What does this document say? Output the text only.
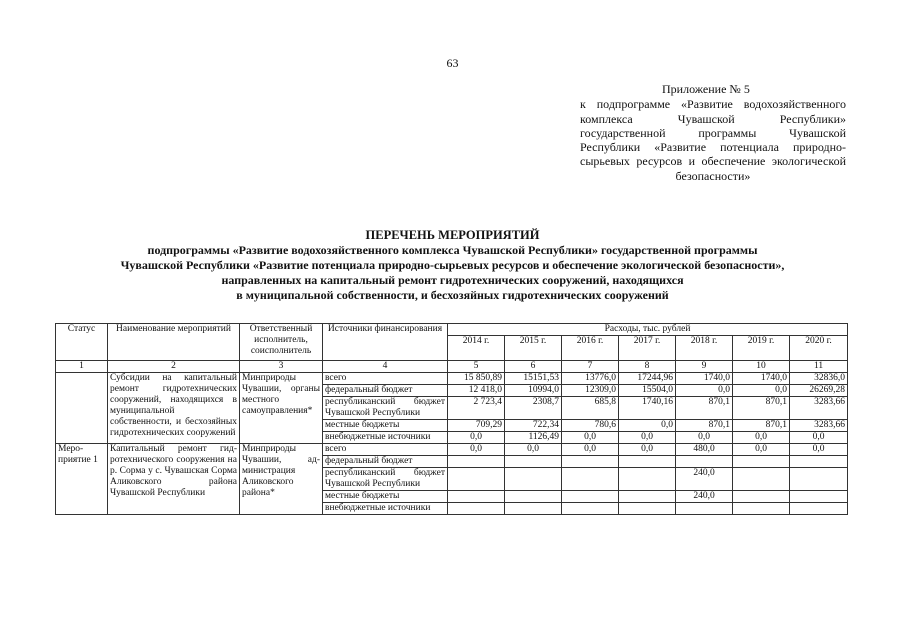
63
Приложение № 5
к подпрограмме «Развитие водохозяйственного комплекса Чувашской Республики» государственной программы Чувашской Республики «Развитие потенциала природно-сырьевых ресурсов и обеспечение экологической безопасности»
ПЕРЕЧЕНЬ МЕРОПРИЯТИЙ
подпрограммы «Развитие водохозяйственного комплекса Чувашской Республики» государственной программы
Чувашской Республики «Развитие потенциала природно-сырьевых ресурсов и обеспечение экологической безопасности»,
направленных на капитальный ремонт гидротехнических сооружений, находящихся
в муниципальной собственности, и бесхозяйных гидротехнических сооружений
Статус	Наименование мероприятий	Ответственный исполнитель, соисполнитель	Источники финансирования	Расходы, тыс. рублей						
				2014 г.	2015 г.	2016 г.	2017 г.	2018 г.	2019 г.	2020 г.
1	2	3	4	5	6	7	8	9	10	11
	Субсидии на капитальный ремонт гидротехнических сооружений, находящихся в муниципальной собственности, и бесхозяйных гидротехнических сооружений	Минприроды Чувашии, органы местного самоуправления*	всего	15 850,89	15151,53	13776,0	17244,96	1740,0	1740,0	32836,0
			федеральный бюджет	12 418,0	10994,0	12309,0	15504,0	0,0	0,0	26269,28
			республиканский бюджет Чувашской Республики	2 723,4	2308,7	685,8	1740,16	870,1	870,1	3283,66
			местные бюджеты	709,29	722,34	780,6	0,0	870,1	870,1	3283,66
			внебюджетные источники	0,0	1126,49	0,0	0,0	0,0	0,0	0,0
Мероприятие 1	Капитальный ремонт гидротехнического сооружения на р. Сорма у с. Чувашская Сорма Аликовского района Чувашской Республики	Минприроды Чувашии, администрация Аликовского района*	всего	0,0	0,0	0,0	0,0	480,0	0,0	0,0
			федеральный бюджет							
			республиканский бюджет Чувашской Республики					240,0		
			местные бюджеты					240,0		
			внебюджетные источники							
